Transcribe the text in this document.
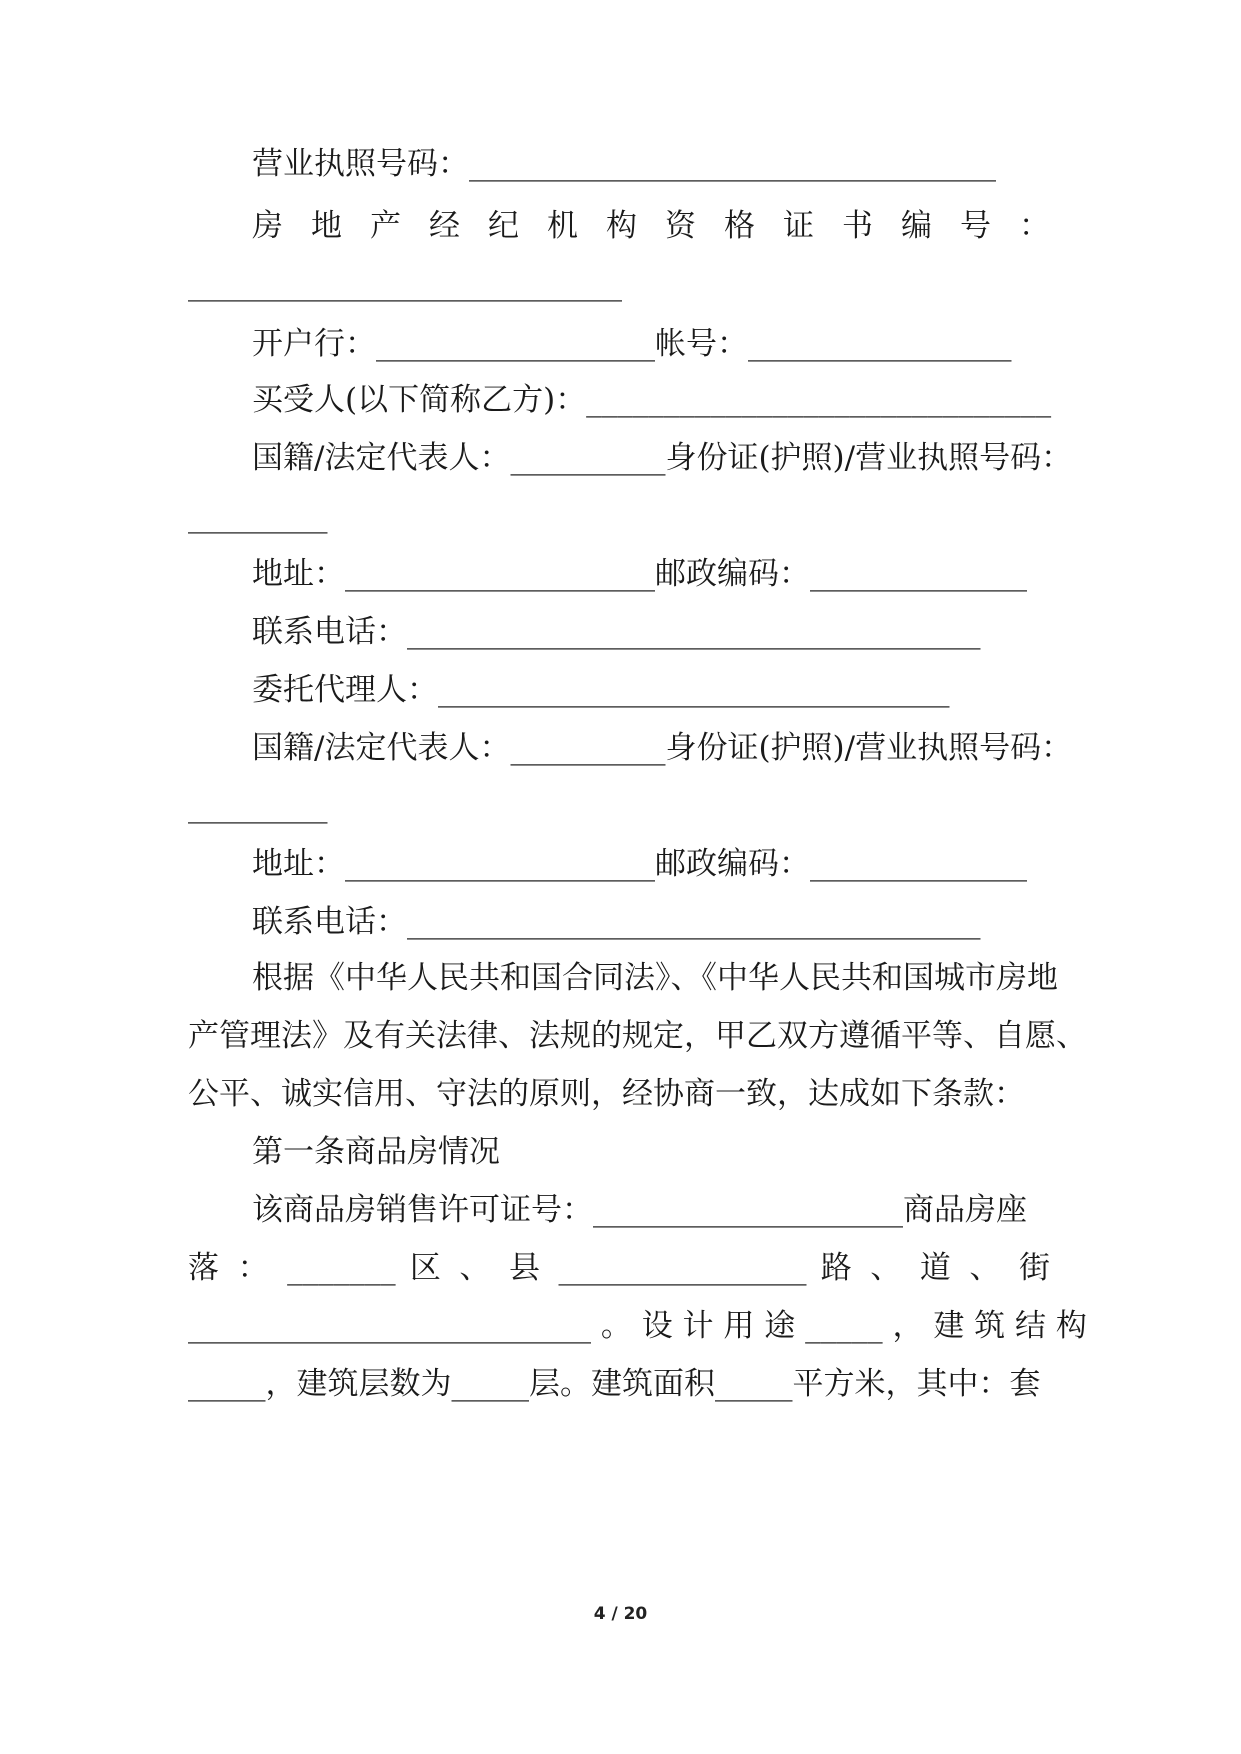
营业执照号码：__________________________________
房 地 产 经 纪 机 构 资 格 证 书 编 号 ：
____________________________
开户行：__________________帐号：_________________
买受人(以下简称乙方)：______________________________
国籍/法定代表人：__________身份证(护照)/营业执照号码：
_________
地址：____________________邮政编码：______________
联系电话：_____________________________________
委托代理人：_________________________________
国籍/法定代表人：__________身份证(护照)/营业执照号码：
_________
地址：____________________邮政编码：______________
联系电话：_____________________________________
根据《中华人民共和国合同法》、《中华人民共和国城市房地
产管理法》及有关法律、法规的规定，甲乙双方遵循平等、自愿、
公平、诚实信用、守法的原则，经协商一致，达成如下条款：
第一条商品房情况
该商品房销售许可证号：____________________商品房座
落 ： _______ 区 、 县 ________________ 路 、 道 、 街
__________________________ 。 设 计 用 途 _____ ， 建 筑 结 构
_____，建筑层数为_____层。建筑面积_____平方米，其中：套
4 / 20
